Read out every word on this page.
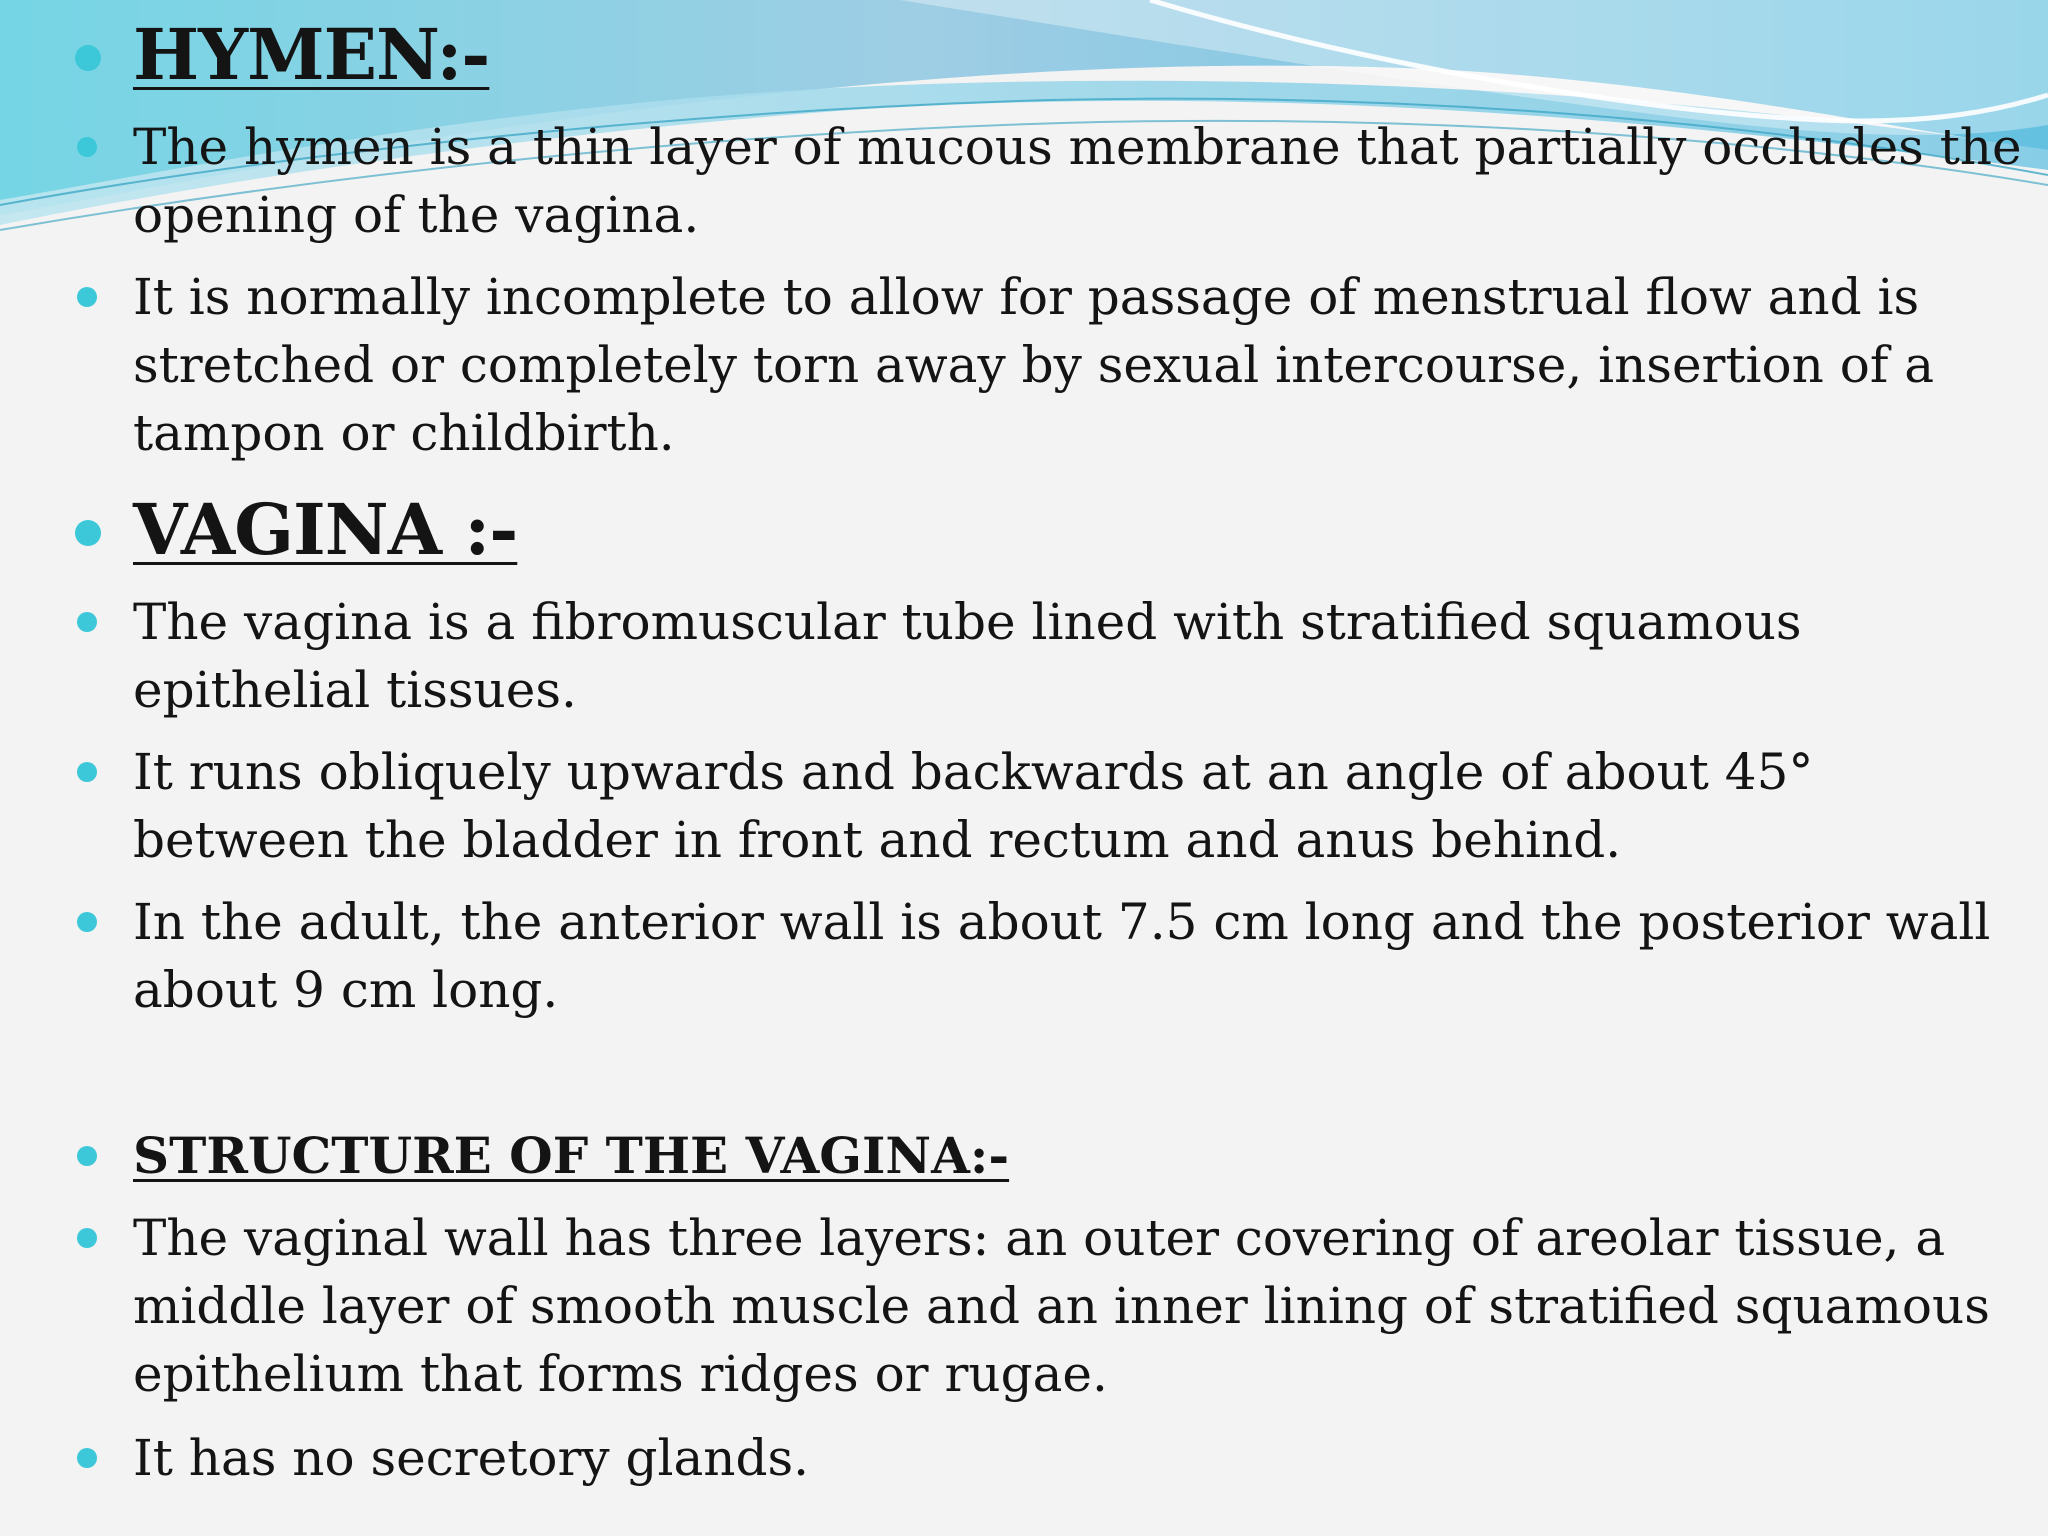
HYMEN:-
The hymen is a thin layer of mucous membrane that partially occludes the opening of the vagina.
It is normally incomplete to allow for passage of menstrual flow and is stretched or completely torn away by sexual intercourse, insertion of a tampon or childbirth.
VAGINA :-
The vagina is a fibromuscular tube lined with stratified squamous epithelial tissues.
It runs obliquely upwards and backwards at an angle of about 45° between the bladder in front and rectum and anus behind.
In the adult, the anterior wall is about 7.5 cm long and the posterior wall about 9 cm long.
STRUCTURE OF THE VAGINA:-
The vaginal wall has three layers: an outer covering of areolar tissue, a middle layer of smooth muscle and an inner lining of stratified squamous epithelium that forms ridges or rugae.
It has no secretory glands.
